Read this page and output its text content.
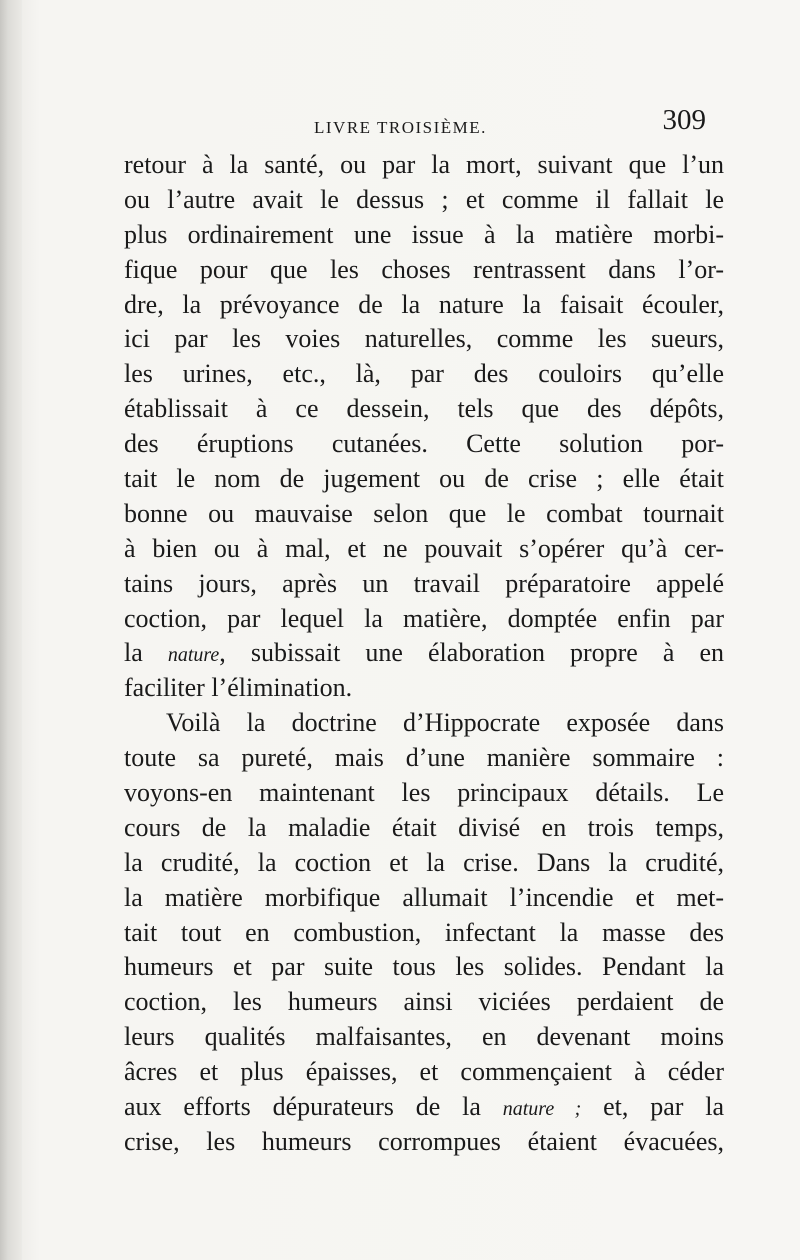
LIVRE TROISIÈME.	309
retour à la santé, ou par la mort, suivant que l’un
ou l’autre avait le dessus ; et comme il fallait le
plus ordinairement une issue à la matière morbi-
fique pour que les choses rentrassent dans l’or-
dre, la prévoyance de la nature la faisait écouler,
ici par les voies naturelles, comme les sueurs,
les urines, etc., là, par des couloirs qu’elle
établissait à ce dessein, tels que des dépôts,
des éruptions cutanées. Cette solution por-
tait le nom de jugement ou de crise ; elle était
bonne ou mauvaise selon que le combat tournait
à bien ou à mal, et ne pouvait s’opérer qu’à cer-
tains jours, après un travail préparatoire appelé
coction, par lequel la matière, domptée enfin par
la nature, subissait une élaboration propre à en
faciliter l’élimination.
Voilà la doctrine d’Hippocrate exposée dans
toute sa pureté, mais d’une manière sommaire :
voyons-en maintenant les principaux détails. Le
cours de la maladie était divisé en trois temps,
la crudité, la coction et la crise. Dans la crudité,
la matière morbifique allumait l’incendie et met-
tait tout en combustion, infectant la masse des
humeurs et par suite tous les solides. Pendant la
coction, les humeurs ainsi viciées perdaient de
leurs qualités malfaisantes, en devenant moins
âcres et plus épaisses, et commençaient à céder
aux efforts dépurateurs de la nature ; et, par la
crise, les humeurs corrompues étaient évacuées,
